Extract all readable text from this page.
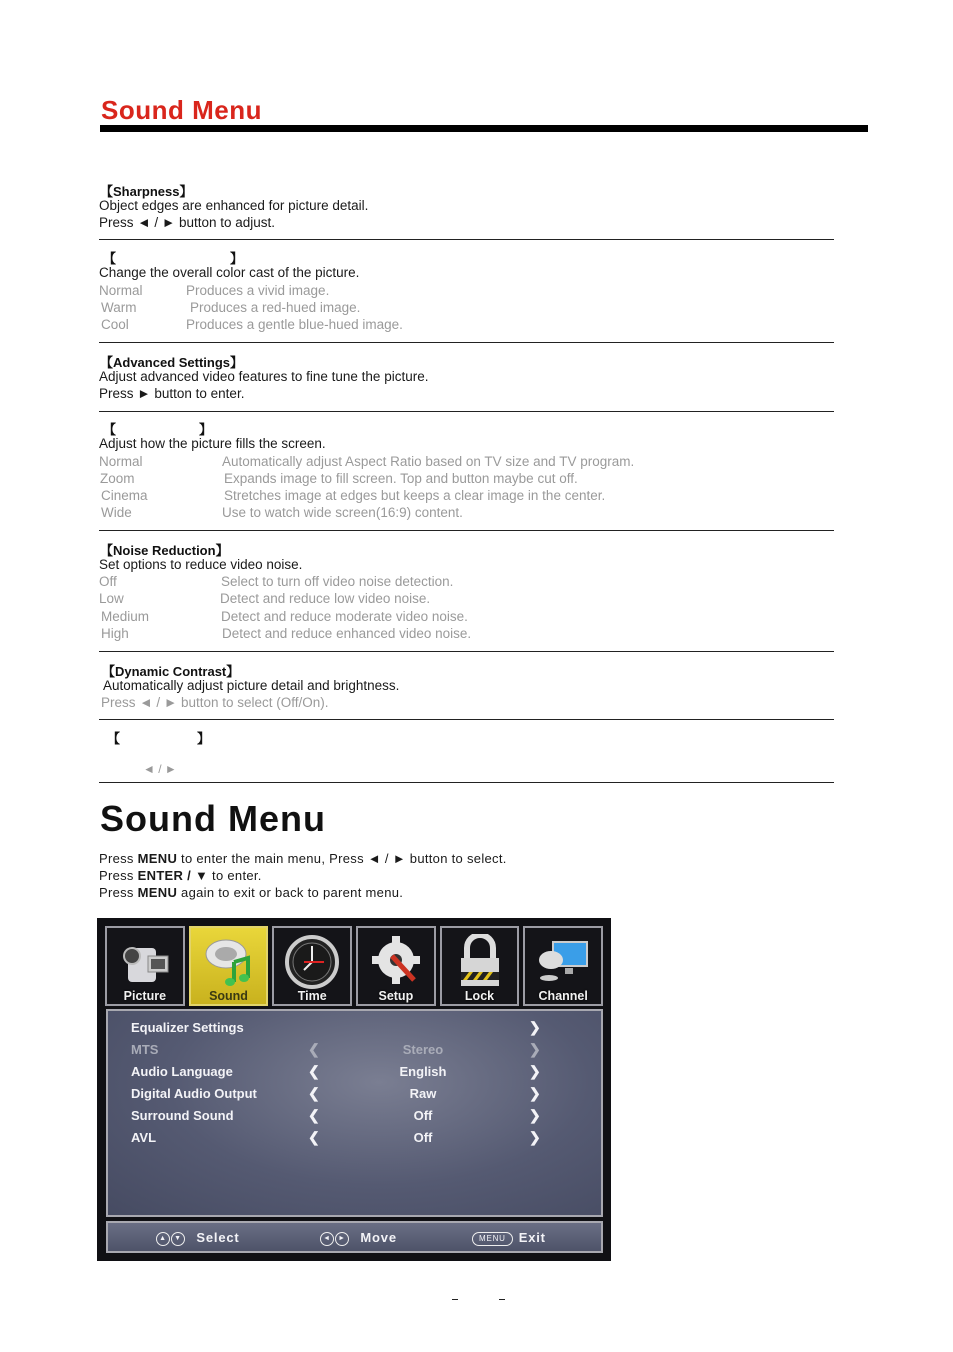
Sound Menu
【Sharpness】
Object edges are enhanced for picture detail.
Press ◄ / ► button to adjust.
【	】
Change the overall color cast of the picture.
Normal	Produces a vivid image.
Warm	Produces a red-hued image.
Cool	Produces a gentle blue-hued image.
【Advanced Settings】
Adjust advanced video features to fine tune the picture.
Press ► button to enter.
【	】
Adjust how the picture fills the screen.
Normal	Automatically adjust Aspect Ratio based on TV size and TV program.
Zoom	Expands image to fill screen. Top and button maybe cut off.
Cinema	Stretches image at edges but keeps a clear image in the center.
Wide	Use to watch wide screen(16:9) content.
【Noise Reduction】
Set options to reduce video noise.
Off	Select to turn off video noise detection.
Low	Detect and reduce low video noise.
Medium	Detect and reduce moderate video noise.
High	Detect and reduce enhanced video noise.
【Dynamic Contrast】
Automatically adjust picture detail and brightness.
Press ◄ / ► button to select (Off/On).
【	】
◄ / ►
Sound Menu
Press MENU to enter the main menu, Press ◄ / ► button to select.
Press ENTER / ▼ to enter.
Press MENU again to exit or back to parent menu.
Picture	Sound	Time	Setup	Lock	Channel
Equalizer Settings	❯
MTS	❮	Stereo	❯
Audio Language	❮	English	❯
Digital Audio Output	❮	Raw	❯
Surround Sound	❮	Off	❯
AVL	❮	Off	❯
▲ ▼ Select	◄ ► Move	MENU Exit
